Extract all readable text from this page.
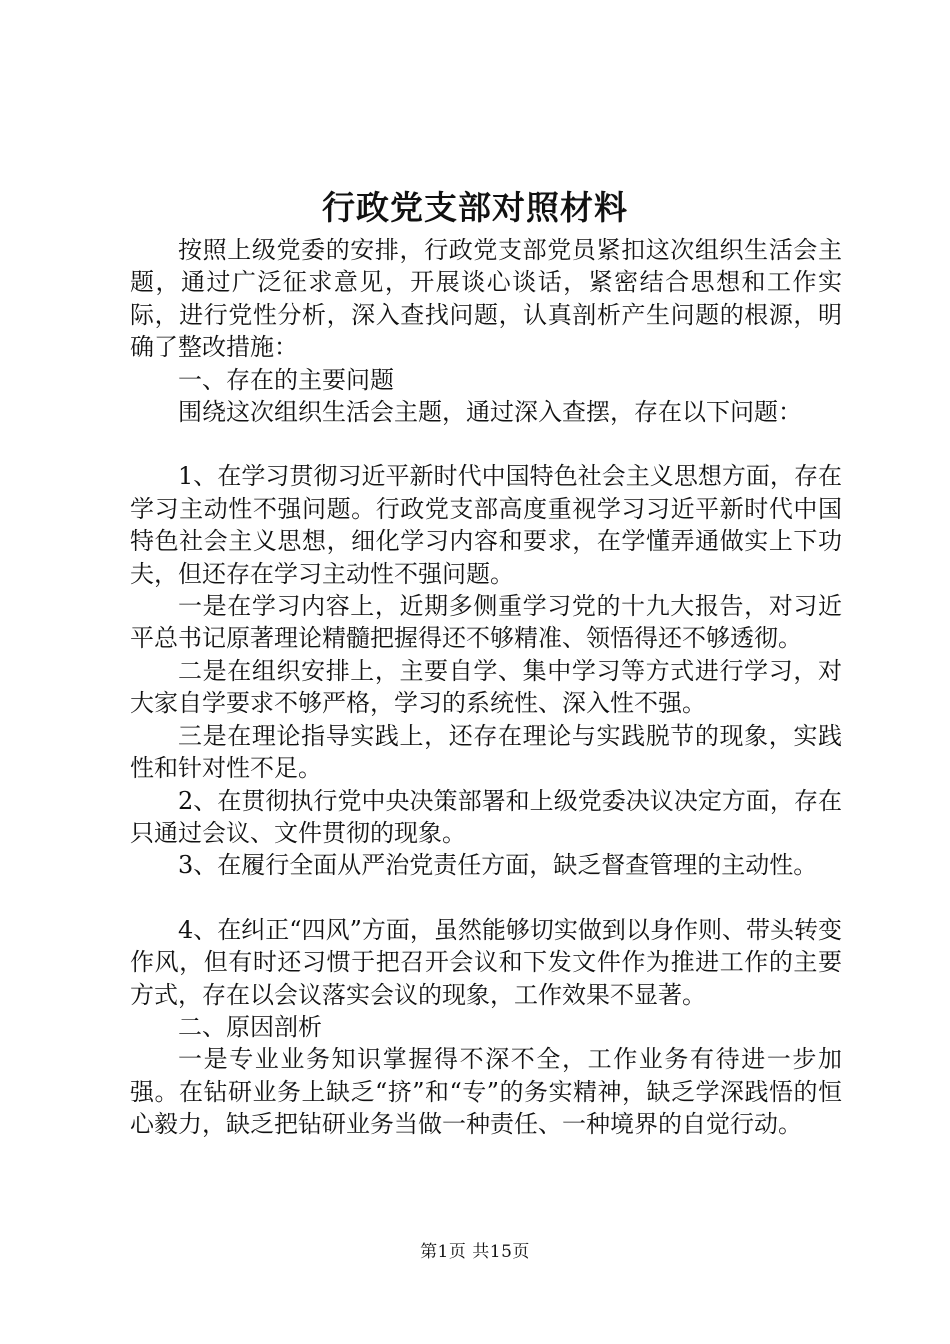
行政党支部对照材料

按照上级党委的安排，行政党支部党员紧扣这次组织生活会主题，通过广泛征求意见，开展谈心谈话，紧密结合思想和工作实际，进行党性分析，深入查找问题，认真剖析产生问题的根源，明确了整改措施：

一、存在的主要问题

围绕这次组织生活会主题，通过深入查摆，存在以下问题：

1、在学习贯彻习近平新时代中国特色社会主义思想方面，存在学习主动性不强问题。行政党支部高度重视学习习近平新时代中国特色社会主义思想，细化学习内容和要求，在学懂弄通做实上下功夫，但还存在学习主动性不强问题。

一是在学习内容上，近期多侧重学习党的十九大报告，对习近平总书记原著理论精髓把握得还不够精准、领悟得还不够透彻。

二是在组织安排上，主要自学、集中学习等方式进行学习，对大家自学要求不够严格，学习的系统性、深入性不强。

三是在理论指导实践上，还存在理论与实践脱节的现象，实践性和针对性不足。

2、在贯彻执行党中央决策部署和上级党委决议决定方面，存在只通过会议、文件贯彻的现象。

3、在履行全面从严治党责任方面，缺乏督查管理的主动性。

4、在纠正“四风”方面，虽然能够切实做到以身作则、带头转变作风，但有时还习惯于把召开会议和下发文件作为推进工作的主要方式，存在以会议落实会议的现象，工作效果不显著。

二、原因剖析

一是专业业务知识掌握得不深不全，工作业务有待进一步加强。在钻研业务上缺乏“挤”和“专”的务实精神，缺乏学深践悟的恒心毅力，缺乏把钻研业务当做一种责任、一种境界的自觉行动。

第1页 共15页
